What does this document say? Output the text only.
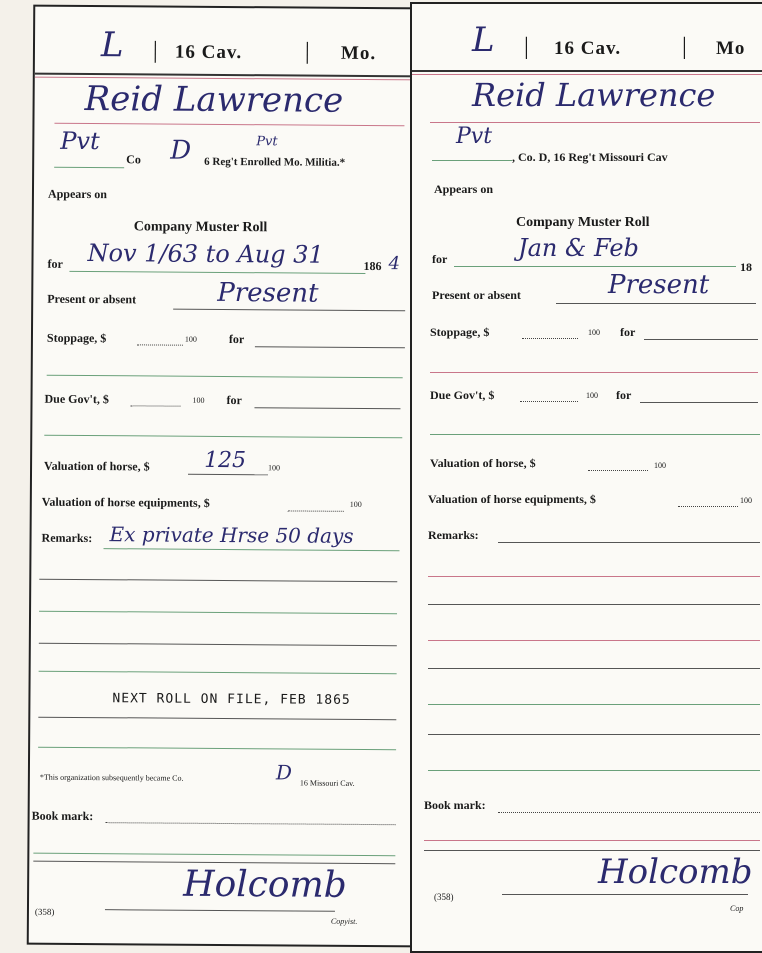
L | 16 Cav.	| Mo.
Reid Lawrence
Pvt
Co D	Pvt
6 Reg't Enrolled Mo. Militia.*
Appears on
Company Muster Roll
for Nov 1/63 to Aug 31	186 4
Present or absent	Present
Stoppage, $	100	for
Due Gov't, $	100 for
Valuation of horse, $ 125	100
Valuation of horse equipments, $	100
Remarks: Ex private Hrse 50 days
NEXT ROLL ON FILE, FEB 1865
*This organization subsequently became Co.	D 16 Missouri Cav.
Book mark:
Holcomb
Copyist.
(358)
L | 16 Cav.	| Mo
Reid Lawrence
Pvt
, Co. D, 16 Reg't Missouri Cav
Appears on
Company Muster Roll
for	Jan & Feb
18
Present or absent	Present
Stoppage, $	100 for
Due Gov't, $	100 for
Valuation of horse, $	100
Valuation of horse equipments, $	100
Remarks:
Book mark:
Holcomb
Cop
(358)
